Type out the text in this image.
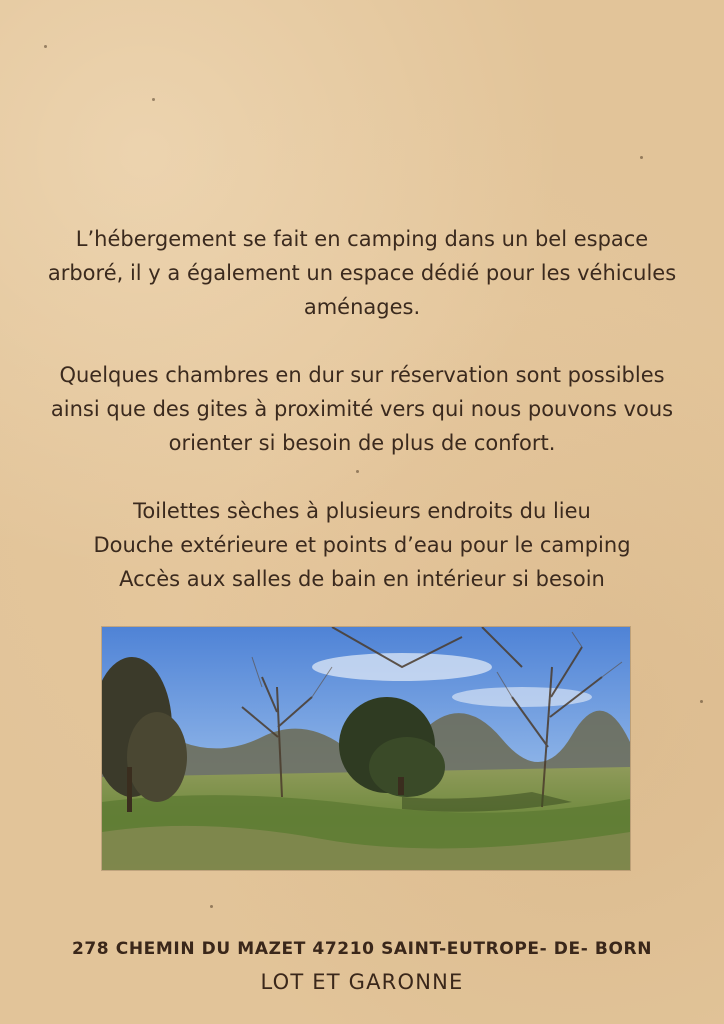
L’hébergement se fait en camping dans un bel espace
arboré, il y a également un espace dédié pour les véhicules
aménages.

Quelques chambres en dur sur réservation sont possibles
ainsi que des gites à proximité vers qui nous pouvons vous
orienter si besoin de plus de confort.

Toilettes sèches à plusieurs endroits du lieu
Douche extérieure et points d’eau pour le camping
Accès aux salles de bain en intérieur si besoin

278 CHEMIN DU MAZET 47210 SAINT-EUTROPE- DE- BORN
LOT ET GARONNE
